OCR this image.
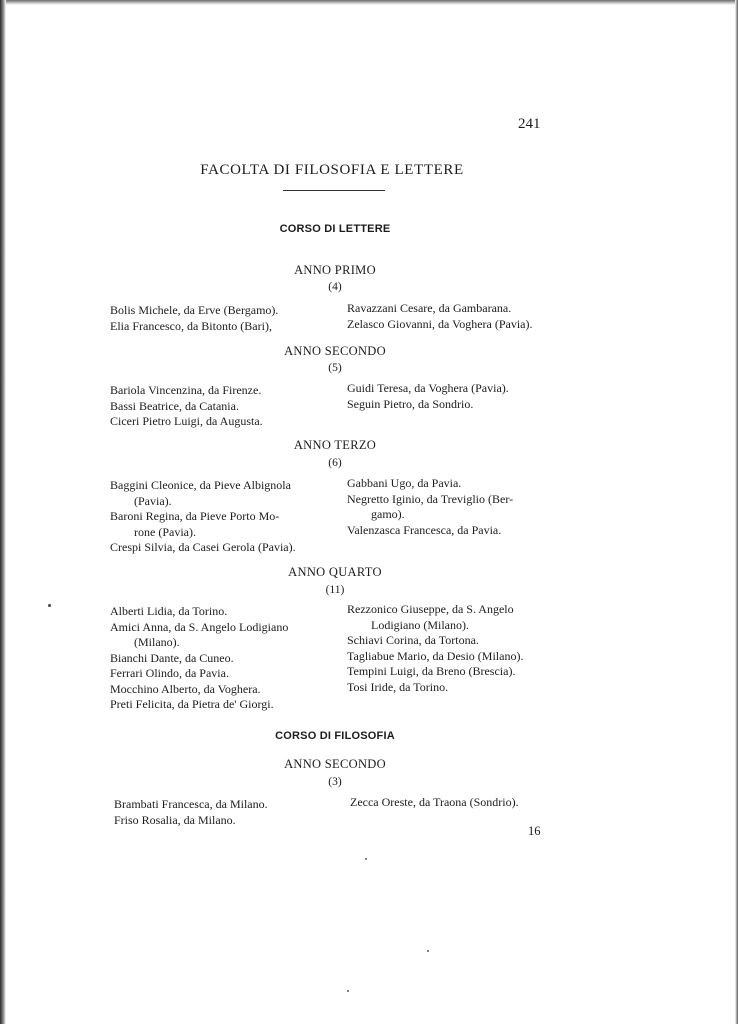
241
FACOLTA DI FILOSOFIA E LETTERE
CORSO DI LETTERE
ANNO PRIMO
(4)
Bolis Michele, da Erve (Bergamo).
Elia Francesco, da Bitonto (Bari),
Ravazzani Cesare, da Gambarana.
Zelasco Giovanni, da Voghera (Pavia).
ANNO SECONDO
(5)
Bariola Vincenzina, da Firenze.
Bassi Beatrice, da Catania.
Ciceri Pietro Luigi, da Augusta.
Guidi Teresa, da Voghera (Pavia).
Seguin Pietro, da Sondrio.
ANNO TERZO
(6)
Baggini Cleonice, da Pieve Albignola
(Pavia).
Baroni Regina, da Pieve Porto Mo-
rone (Pavia).
Crespi Silvia, da Casei Gerola (Pavia).
Gabbani Ugo, da Pavia.
Negretto Iginio, da Treviglio (Ber-
gamo).
Valenzasca Francesca, da Pavia.
ANNO QUARTO
(11)
Alberti Lidia, da Torino.
Amici Anna, da S. Angelo Lodigiano
(Milano).
Bianchi Dante, da Cuneo.
Ferrari Olindo, da Pavia.
Mocchino Alberto, da Voghera.
Preti Felicita, da Pietra de' Giorgi.
Rezzonico Giuseppe, da S. Angelo
Lodigiano (Milano).
Schiavi Corina, da Tortona.
Tagliabue Mario, da Desio (Milano).
Tempini Luigi, da Breno (Brescia).
Tosi Iride, da Torino.
CORSO DI FILOSOFIA
ANNO SECONDO
(3)
Brambati Francesca, da Milano.
Friso Rosalia, da Milano.
Zecca Oreste, da Traona (Sondrio).
16
